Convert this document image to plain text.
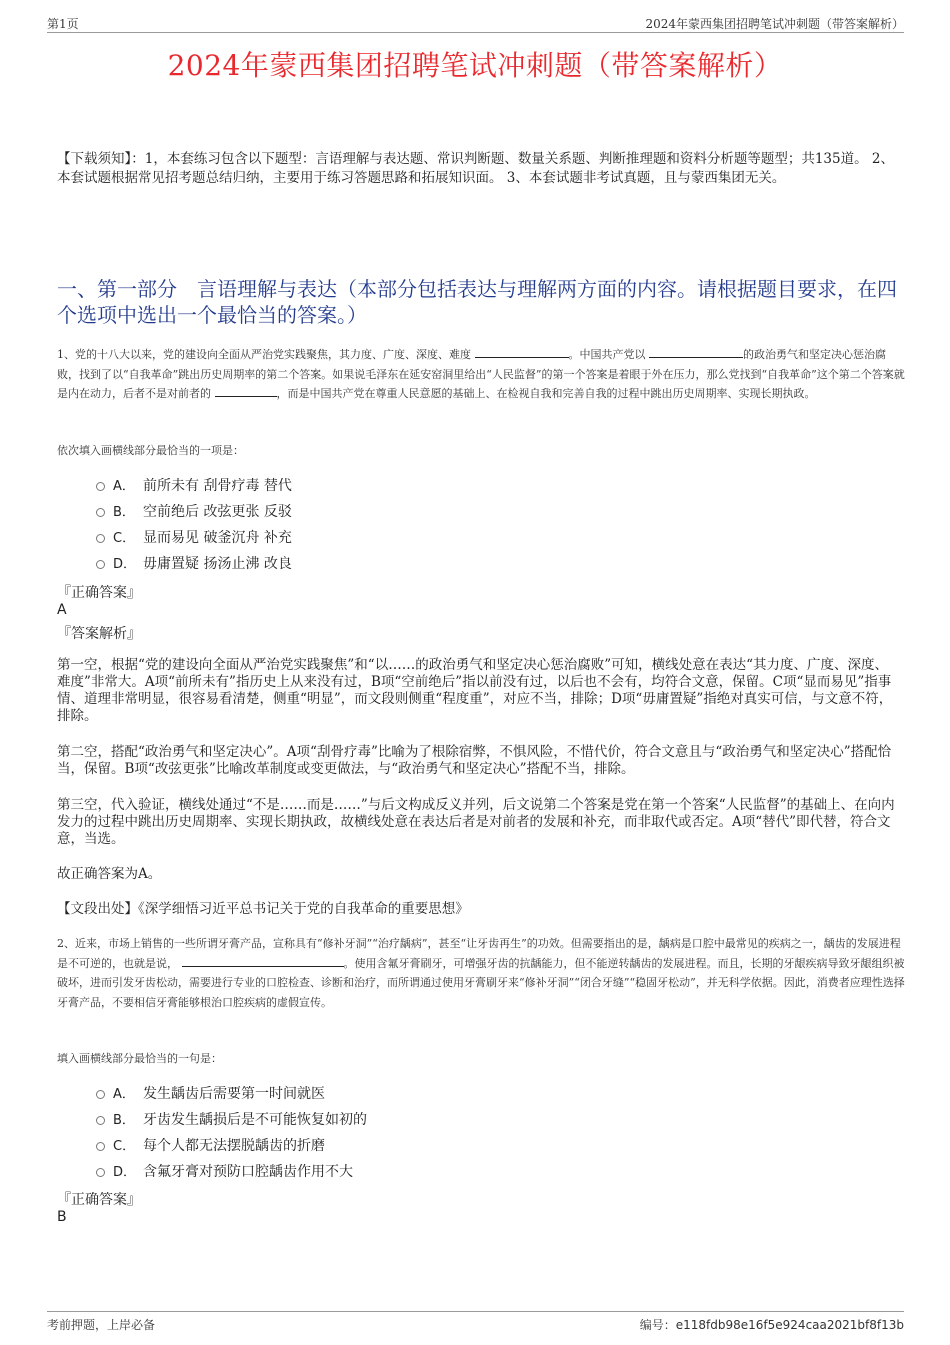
第1页	2024年蒙西集团招聘笔试冲刺题（带答案解析）
2024年蒙西集团招聘笔试冲刺题（带答案解析）
【下载须知】：1，本套练习包含以下题型：言语理解与表达题、常识判断题、数量关系题、判断推理题和资料分析题等题型；共135道。 2、本套试题根据常见招考题总结归纳，主要用于练习答题思路和拓展知识面。 3、本套试题非考试真题，且与蒙西集团无关。
一、第一部分　言语理解与表达（本部分包括表达与理解两方面的内容。请根据题目要求，在四个选项中选出一个最恰当的答案。）
1、党的十八大以来，党的建设向全面从严治党实践聚焦，其力度、广度、深度、难度	。中国共产党以	的政治勇气和坚定决心惩治腐败，找到了以“自我革命”跳出历史周期率的第二个答案。如果说毛泽东在延安窑洞里给出“人民监督”的第一个答案是着眼于外在压力，那么党找到“自我革命”这个第二个答案就是内在动力，后者不是对前者的	，而是中国共产党在尊重人民意愿的基础上、在检视自我和完善自我的过程中跳出历史周期率、实现长期执政。
依次填入画横线部分最恰当的一项是：
A． 前所未有 刮骨疗毒 替代
B． 空前绝后 改弦更张 反驳
C． 显而易见 破釜沉舟 补充
D． 毋庸置疑 扬汤止沸 改良
『正确答案』
A
『答案解析』
第一空，根据“党的建设向全面从严治党实践聚焦”和“以……的政治勇气和坚定决心惩治腐败”可知，横线处意在表达“其力度、广度、深度、难度”非常大。A项“前所未有”指历史上从来没有过，B项“空前绝后”指以前没有过，以后也不会有，均符合文意，保留。C项“显而易见”指事情、道理非常明显，很容易看清楚，侧重“明显”，而文段则侧重“程度重”，对应不当，排除；D项“毋庸置疑”指绝对真实可信，与文意不符，排除。
第二空，搭配“政治勇气和坚定决心”。A项“刮骨疗毒”比喻为了根除宿弊，不惧风险，不惜代价，符合文意且与“政治勇气和坚定决心”搭配恰当，保留。B项“改弦更张”比喻改革制度或变更做法，与“政治勇气和坚定决心”搭配不当，排除。
第三空，代入验证，横线处通过“不是……而是……”与后文构成反义并列，后文说第二个答案是党在第一个答案“人民监督”的基础上、在向内发力的过程中跳出历史周期率、实现长期执政，故横线处意在表达后者是对前者的发展和补充，而非取代或否定。A项“替代”即代替，符合文意，当选。
故正确答案为A。
【文段出处】《深学细悟习近平总书记关于党的自我革命的重要思想》
2、近来，市场上销售的一些所谓牙膏产品，宣称具有“修补牙洞”“治疗龋病”，甚至“让牙齿再生”的功效。但需要指出的是，龋病是口腔中最常见的疾病之一，龋齿的发展进程是不可逆的，也就是说，	。使用含氟牙膏刷牙，可增强牙齿的抗龋能力，但不能逆转龋齿的发展进程。而且，长期的牙龈疾病导致牙龈组织被破坏，进而引发牙齿松动，需要进行专业的口腔检查、诊断和治疗，而所谓通过使用牙膏刷牙来“修补牙洞”“闭合牙缝”“稳固牙松动”，并无科学依据。因此，消费者应理性选择牙膏产品，不要相信牙膏能够根治口腔疾病的虚假宣传。
填入画横线部分最恰当的一句是：
A． 发生龋齿后需要第一时间就医
B． 牙齿发生龋损后是不可能恢复如初的
C． 每个人都无法摆脱龋齿的折磨
D． 含氟牙膏对预防口腔龋齿作用不大
『正确答案』
B
考前押题，上岸必备	编号：e118fdb98e16f5e924caa2021bf8f13b
